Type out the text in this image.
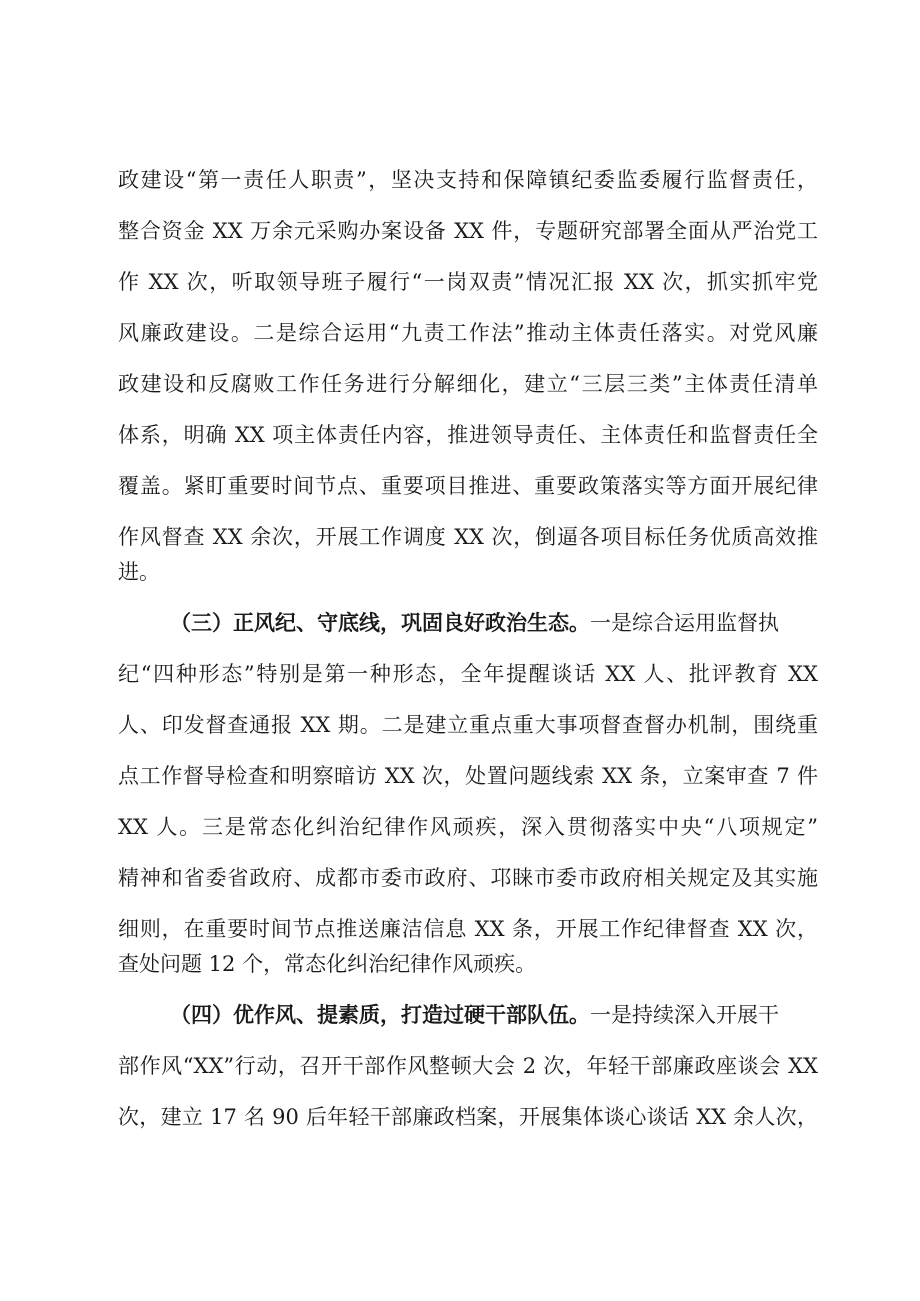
政建设“第一责任人职责”，坚决支持和保障镇纪委监委履行监督责任，
整合资金 XX 万余元采购办案设备 XX 件，专题研究部署全面从严治党工
作 XX 次，听取领导班子履行“一岗双责”情况汇报 XX 次，抓实抓牢党
风廉政建设。二是综合运用“九责工作法”推动主体责任落实。对党风廉
政建设和反腐败工作任务进行分解细化，建立“三层三类”主体责任清单
体系，明确 XX 项主体责任内容，推进领导责任、主体责任和监督责任全
覆盖。紧盯重要时间节点、重要项目推进、重要政策落实等方面开展纪律
作风督查 XX 余次，开展工作调度 XX 次，倒逼各项目标任务优质高效推
进。
（三）正风纪、守底线，巩固良好政治生态。一是综合运用监督执
纪“四种形态”特别是第一种形态，全年提醒谈话 XX 人、批评教育 XX
人、印发督查通报 XX 期。二是建立重点重大事项督查督办机制，围绕重
点工作督导检查和明察暗访 XX 次，处置问题线索 XX 条，立案审查 7 件
XX 人。三是常态化纠治纪律作风顽疾，深入贯彻落实中央“八项规定”
精神和省委省政府、成都市委市政府、邛睐市委市政府相关规定及其实施
细则，在重要时间节点推送廉洁信息 XX 条，开展工作纪律督查 XX 次，
查处问题 12 个，常态化纠治纪律作风顽疾。
（四）优作风、提素质，打造过硬干部队伍。一是持续深入开展干
部作风“XX”行动，召开干部作风整顿大会 2 次，年轻干部廉政座谈会 XX
次，建立 17 名 90 后年轻干部廉政档案，开展集体谈心谈话 XX 余人次，
